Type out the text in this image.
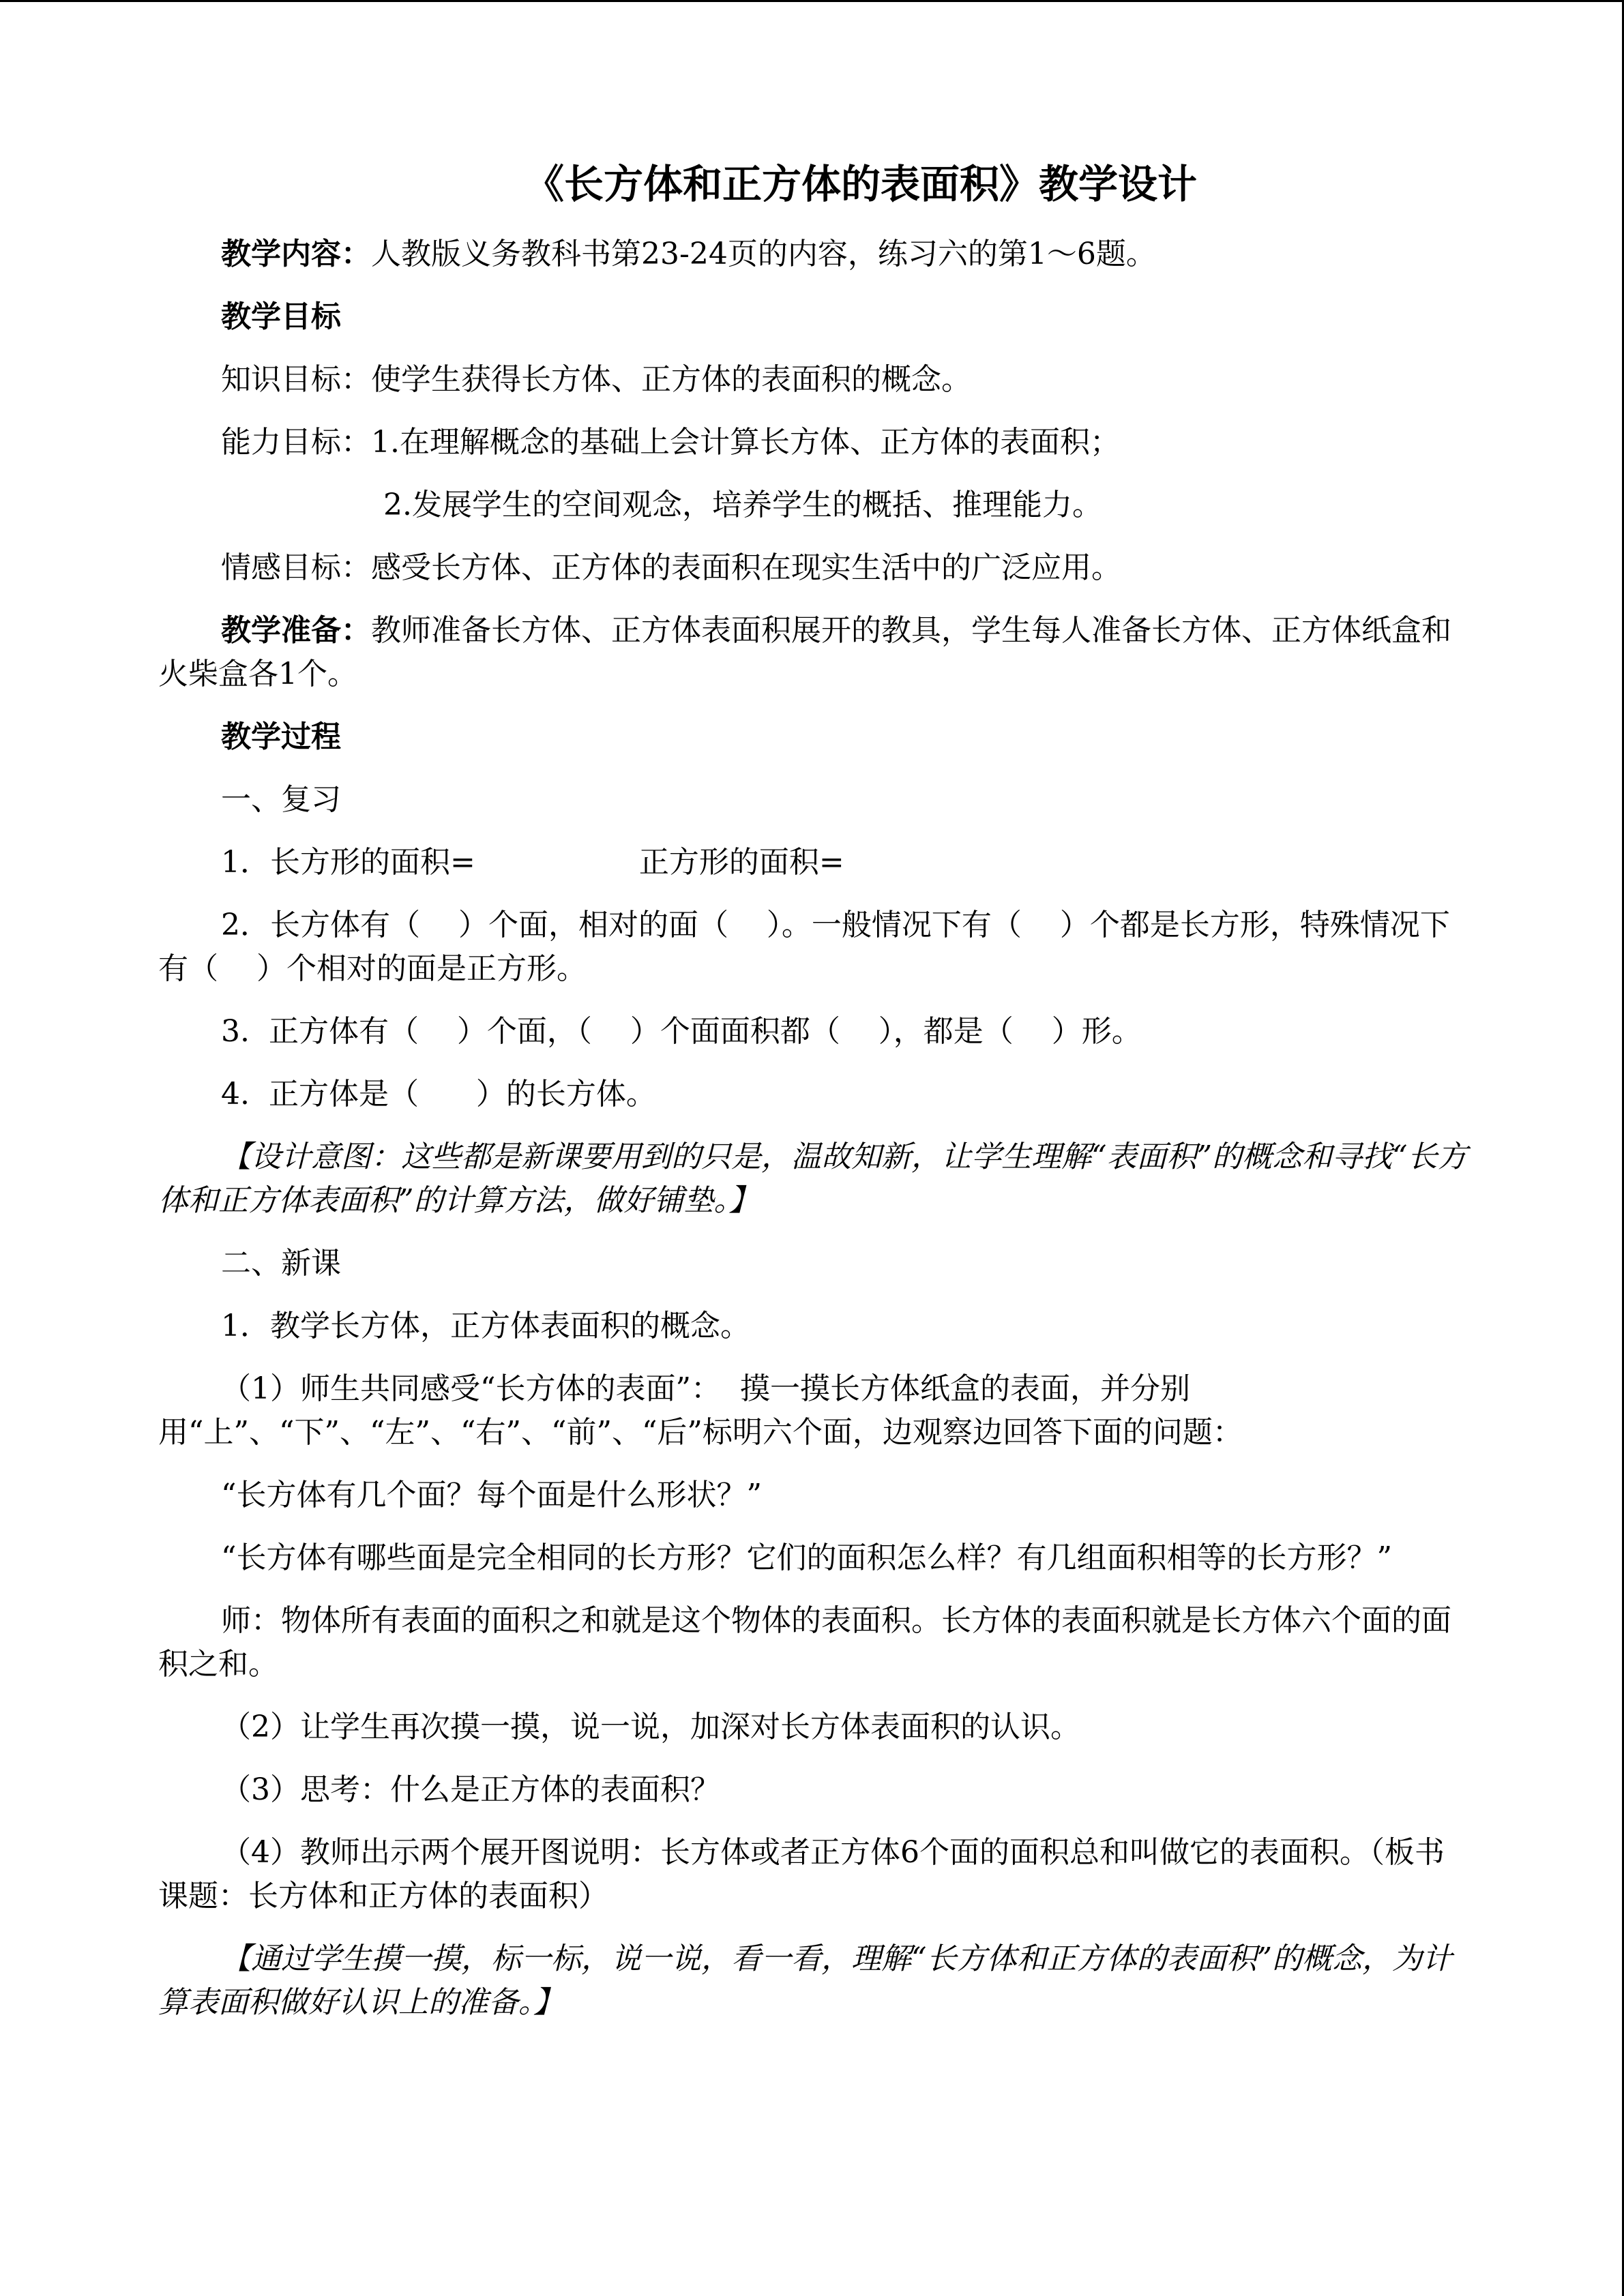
《长方体和正方体的表面积》教学设计

教学内容：人教版义务教科书第23-24页的内容，练习六的第1～6题。

教学目标

知识目标：使学生获得长方体、正方体的表面积的概念。

能力目标：1.在理解概念的基础上会计算长方体、正方体的表面积；

2.发展学生的空间观念，培养学生的概括、推理能力。

情感目标：感受长方体、正方体的表面积在现实生活中的广泛应用。

教学准备：教师准备长方体、正方体表面积展开的教具，学生每人准备长方体、正方体纸盒和火柴盒各1个。

教学过程

一、复习

1．长方形的面积=	正方形的面积=

2．长方体有（    ）个面，相对的面（    ）。一般情况下有（    ）个都是长方形，特殊情况下有（    ）个相对的面是正方形。

3.  正方体有（    ）个面，（    ）个面面积都（    ），都是（    ）形。

4.  正方体是（      ）的长方体。

【设计意图：这些都是新课要用到的只是，温故知新，让学生理解“表面积”的概念和寻找“长方体和正方体表面积”的计算方法，做好铺垫。】

二、新课

1．教学长方体，正方体表面积的概念。

（1）师生共同感受“长方体的表面”：  摸一摸长方体纸盒的表面，并分别用“上”、“下”、“左”、“右”、“前”、“后”标明六个面，边观察边回答下面的问题：

“长方体有几个面？每个面是什么形状？”

“长方体有哪些面是完全相同的长方形？它们的面积怎么样？有几组面积相等的长方形？”

师：物体所有表面的面积之和就是这个物体的表面积。长方体的表面积就是长方体六个面的面积之和。

（2）让学生再次摸一摸，说一说，加深对长方体表面积的认识。

（3）思考：什么是正方体的表面积？

（4）教师出示两个展开图说明：长方体或者正方体6个面的面积总和叫做它的表面积。（板书课题：长方体和正方体的表面积）

【通过学生摸一摸，标一标，说一说，看一看，理解“长方体和正方体的表面积”的概念，为计算表面积做好认识上的准备。】
